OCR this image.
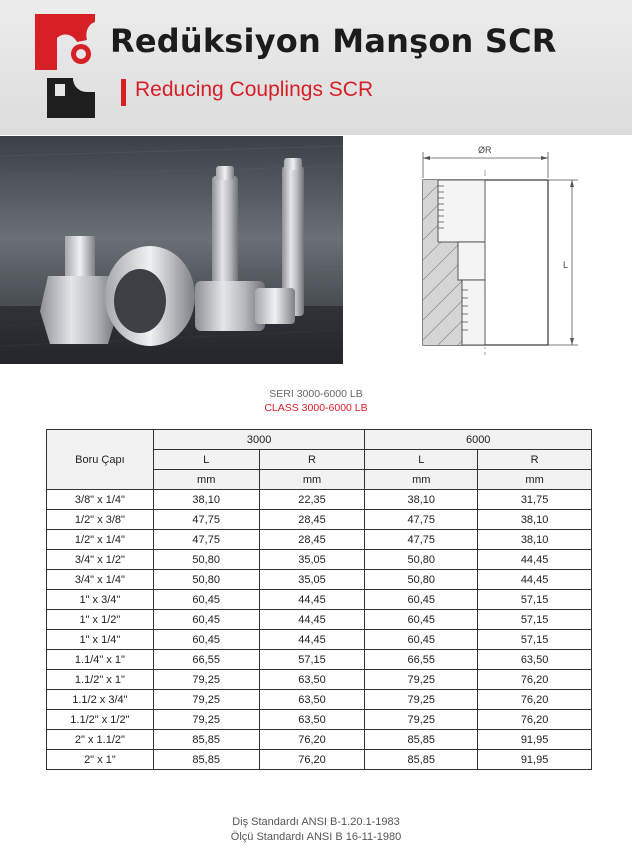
Redüksiyon Manşon SCR
Reducing Couplings SCR
ØR
L
SERI 3000-6000 LB
CLASS 3000-6000 LB
Boru Çapı	3000		6000	
	L	R	L	R
	mm	mm	mm	mm
3/8" x 1/4"	38,10	22,35	38,10	31,75
1/2" x 3/8"	47,75	28,45	47,75	38,10
1/2" x 1/4"	47,75	28,45	47,75	38,10
3/4" x 1/2"	50,80	35,05	50,80	44,45
3/4" x 1/4"	50,80	35,05	50,80	44,45
1" x 3/4"	60,45	44,45	60,45	57,15
1" x 1/2"	60,45	44,45	60,45	57,15
1" x 1/4"	60,45	44,45	60,45	57,15
1.1/4" x 1"	66,55	57,15	66,55	63,50
1.1/2" x 1"	79,25	63,50	79,25	76,20
1.1/2 x 3/4"	79,25	63,50	79,25	76,20
1.1/2" x 1/2"	79,25	63,50	79,25	76,20
2" x 1.1/2"	85,85	76,20	85,85	91,95
2" x 1"	85,85	76,20	85,85	91,95
Diş Standardı ANSI B-1.20.1-1983
Ölçü Standardı ANSI B 16-11-1980
